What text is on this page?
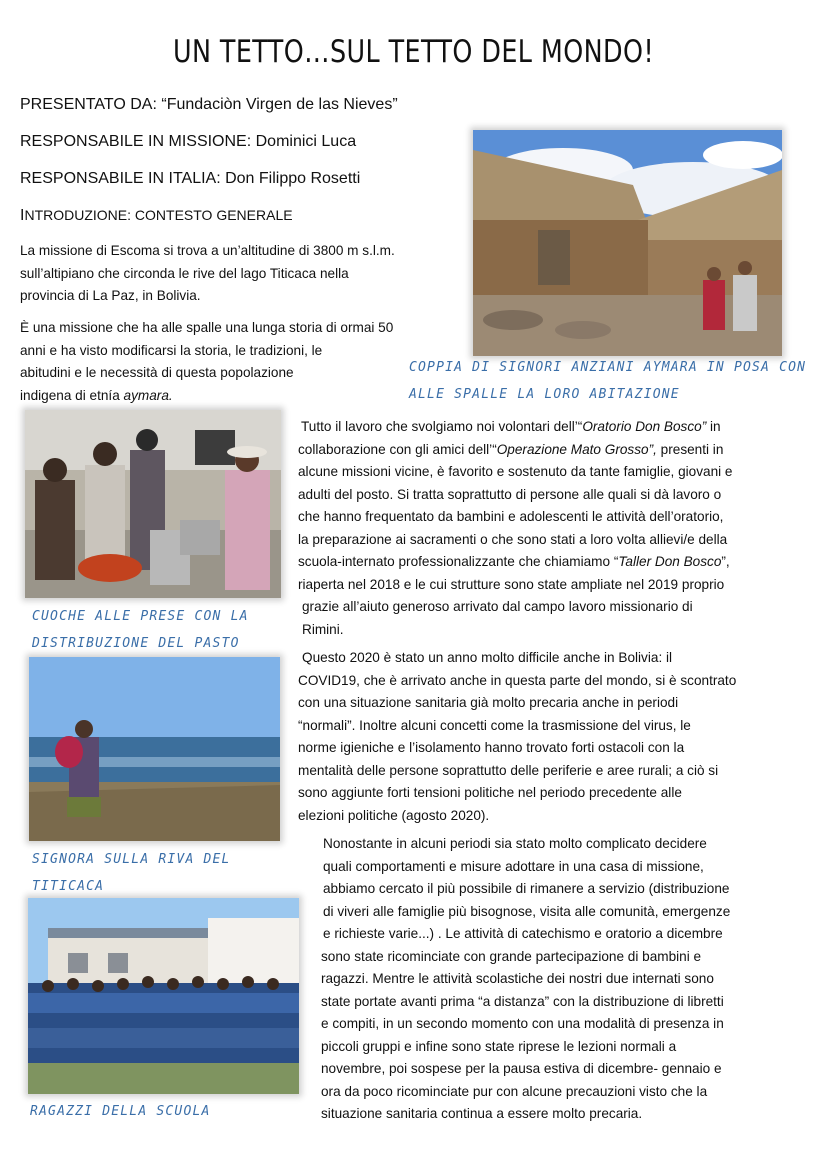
UN TETTO…SUL TETTO DEL MONDO!
PRESENTATO DA: “Fundaciòn Virgen de las Nieves”
RESPONSABILE IN MISSIONE: Dominici Luca
RESPONSABILE IN ITALIA: Don Filippo Rosetti
INTRODUZIONE: CONTESTO GENERALE
La missione di Escoma si trova a un’altitudine di 3800 m s.l.m.
sull’altipiano che circonda le rive del lago Titicaca nella
provincia di La Paz, in Bolivia.
È una missione che ha alle spalle una lunga storia di ormai 50
anni e ha visto modificarsi la storia, le tradizioni, le
abitudini e le necessità di questa popolazione
indigena di etnía aymara.
COPPIA DI SIGNORI ANZIANI AYMARA IN POSA CON
ALLE SPALLE LA LORO ABITAZIONE
CUOCHE ALLE PRESE CON LA
DISTRIBUZIONE DEL PASTO
SIGNORA SULLA RIVA DEL
TITICACA
RAGAZZI DELLA SCUOLA
Tutto il lavoro che svolgiamo noi volontari dell’“Oratorio Don Bosco” in
collaborazione con gli amici dell’“Operazione Mato Grosso”, presenti in
alcune missioni vicine, è favorito e sostenuto da tante famiglie, giovani e
adulti del posto. Si tratta soprattutto di persone alle quali si dà lavoro o
che hanno frequentato da bambini e adolescenti le attività dell’oratorio,
la preparazione ai sacramenti o che sono stati a loro volta allievi/e della
scuola-internato professionalizzante che chiamiamo “Taller Don Bosco”,
riaperta nel 2018 e le cui strutture sono state ampliate nel 2019 proprio
grazie all’aiuto generoso arrivato dal campo lavoro missionario di
Rimini.
Questo 2020 è stato un anno molto difficile anche in Bolivia: il
COVID19, che è arrivato anche in questa parte del mondo, si è scontrato
con una situazione sanitaria già molto precaria anche in periodi
“normali”. Inoltre alcuni concetti come la trasmissione del virus, le
norme igieniche e l’isolamento hanno trovato forti ostacoli con la
mentalità delle persone soprattutto delle periferie e aree rurali; a ciò si
sono aggiunte forti tensioni politiche nel periodo precedente alle
elezioni politiche (agosto 2020).
Nonostante in alcuni periodi sia stato molto complicato decidere
quali comportamenti e misure adottare in una casa di missione,
abbiamo cercato il più possibile di rimanere a servizio (distribuzione
di viveri alle famiglie più bisognose, visita alle comunità, emergenze
e richieste varie...) . Le attività di catechismo e oratorio a dicembre
sono state ricominciate con grande partecipazione di bambini e
ragazzi. Mentre le attività scolastiche dei nostri due internati sono
state portate avanti prima “a distanza” con la distribuzione di libretti
e compiti, in un secondo momento con una modalità di presenza in
piccoli gruppi e infine sono state riprese le lezioni normali a
novembre, poi sospese per la pausa estiva di dicembre- gennaio e
ora da poco ricominciate pur con alcune precauzioni visto che la
situazione sanitaria continua a essere molto precaria.
